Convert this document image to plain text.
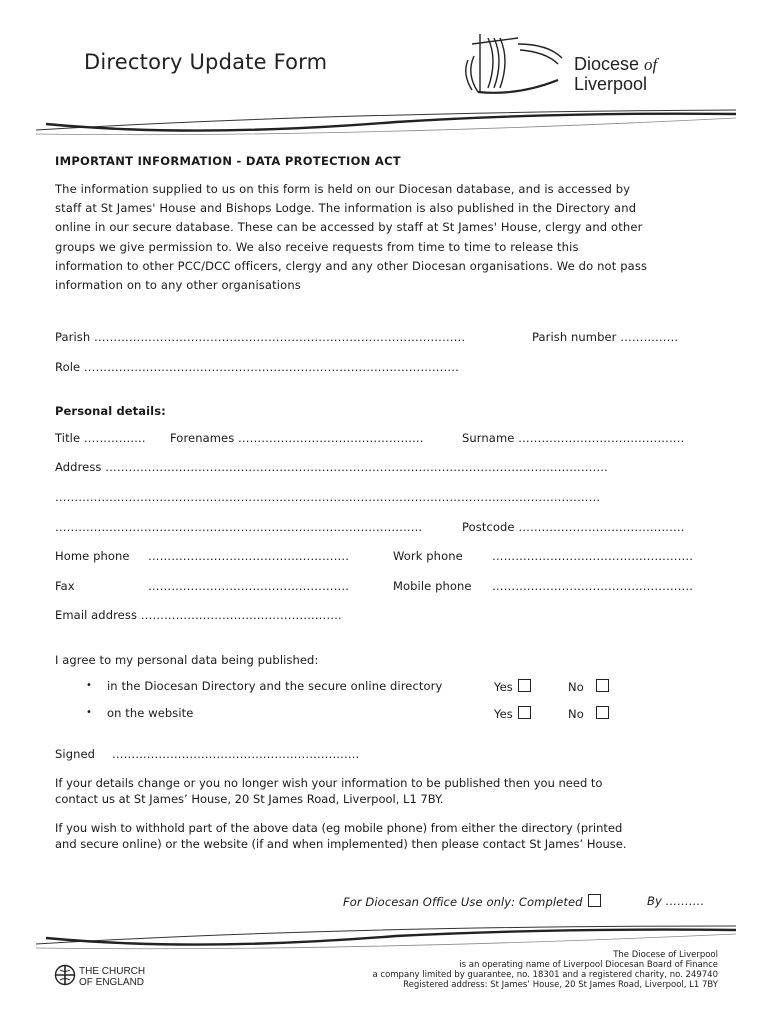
Directory Update Form	Diocese of
Liverpool
IMPORTANT INFORMATION - DATA PROTECTION ACT
The information supplied to us on this form is held on our Diocesan database, and is accessed by
staff at St James' House and Bishops Lodge. The information is also published in the Directory and
online in our secure database. These can be accessed by staff at St James' House, clergy and other
groups we give permission to. We also receive requests from time to time to release this
information to other PCC/DCC officers, clergy and any other Diocesan organisations. We do not pass
information on to any other organisations
Parish ……………………………………………………………………………………	Parish number ……………
Role …………………………………………………………………………………….
Personal details:
Title ……………. Forenames …………………………………………	Surname …………………………………….
Address ………………………………………………………………………………………………………………….
……………………………………………………………………………………………………………………………
…………………………………………………………………………………..	Postcode …………………………………….
Home phone …………………………………………….	Work phone	…………………………………………….
Fax	…………………………………………….	Mobile phone …………………………………………….
Email address …………………………………………….
I agree to my personal data being published:
• in the Diocesan Directory and the secure online directory	Yes	No
• on the website	Yes	No
Signed ……………………………………………………….
If your details change or you no longer wish your information to be published then you need to
contact us at St James’ House, 20 St James Road, Liverpool, L1 7BY.
If you wish to withhold part of the above data (eg mobile phone) from either the directory (printed
and secure online) or the website (if and when implemented) then please contact St James’ House.
For Diocesan Office Use only: Completed	By ……….
The Diocese of Liverpool
is an operating name of Liverpool Diocesan Board of Finance
a company limited by guarantee, no. 18301 and a registered charity, no. 249740
Registered address: St James’ House, 20 St James Road, Liverpool, L1 7BY
THE CHURCH
OF ENGLAND
